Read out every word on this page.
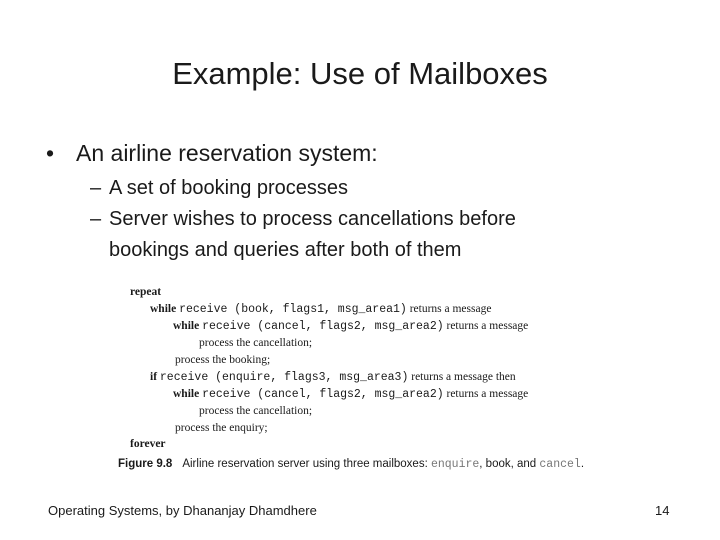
Example: Use of Mailboxes
• An airline reservation system:
– A set of booking processes
– Server wishes to process cancellations before
bookings and queries after both of them
repeat
while receive (book, flags1, msg_area1) returns a message
while receive (cancel, flags2, msg_area2) returns a message
process the cancellation;
process the booking;
if receive (enquire, flags3, msg_area3) returns a message then
while receive (cancel, flags2, msg_area2) returns a message
process the cancellation;
process the enquiry;
forever
Figure 9.8 Airline reservation server using three mailboxes: enquire, book, and cancel.
Operating Systems, by Dhananjay Dhamdhere	14
